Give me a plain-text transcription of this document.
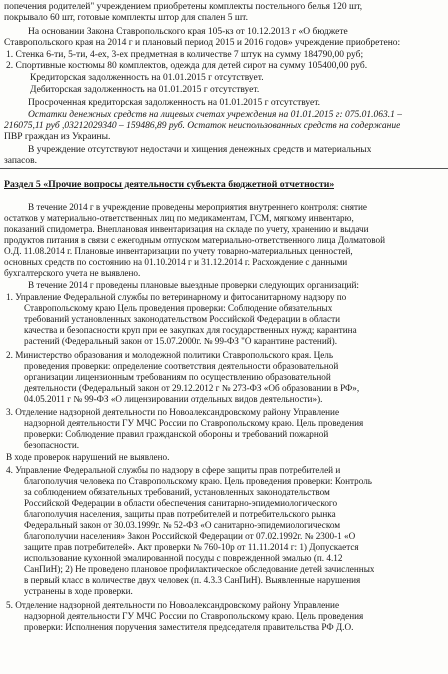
попечения родителей" учреждением приобретены комплекты постельного белья 120 шт,
покрывало 60 шт, готовые комплекты штор для спален 5 шт.
На основании Закона Ставропольского края 105-кз от 10.12.2013 г «О бюджете
Ставропольского края на 2014 г и плановый период 2015 и 2016 годов» учреждение приобретено:
1. Стенка 6-ти, 5-ти, 4-ех, 3-ех предметная в количестве 7 штук на сумму 184790,00 руб;
2. Спортивные костюмы 80 комплектов, одежда для детей сирот на сумму 105400,00 руб.
Кредиторская задолженность на 01.01.2015 г отсутствует.
Дебиторская задолженность на 01.01.2015 г отсутствует.
Просроченная кредиторская задолженность на 01.01.2015 г отсутствует.
Остатки денежных средств на лицевых счетах учреждения на 01.01.2015 г: 075.01.063.1 –
216075,11 руб ,03212029340 – 159486,89 руб. Остаток неиспользованных средств на содержание
ПВР граждан из Украины.
В учреждение отсутствуют недостачи и хищения денежных средств и материальных
запасов.
Раздел 5 «Прочие вопросы деятельности субъекта бюджетной отчетности»
В течение 2014 г в учреждение проведены мероприятия внутреннего контроля: снятие
остатков у материально-ответственных лиц по медикаментам, ГСМ, мягкому инвентарю,
показаний спидометра. Внеплановая инвентаризация на складе по учету, хранению и выдачи
продуктов питания в связи с ежегодным отпуском материально-ответственного лица Долматовой
О.Д. 11.08.2014 г. Плановые инвентаризации по учету товарно-материальных ценностей,
основных средств по состоянию на 01.10.2014 г и 31.12.2014 г. Расхождение с данными
бухгалтерского учета не выявлено.
В течение 2014 г проведены плановые выездные проверки следующих организаций:
1. Управление Федеральной службы по ветеринарному и фитосанитарному надзору по
Ставропольскому краю Цель проведения проверки: Соблюдение обязательных
требований установленных законодательством Российской Федерации в области
качества и безопасности круп при ее закупках для государственных нужд; карантина
растений (Федеральный закон от 15.07.2000г. № 99-ФЗ "О карантине растений).
2. Министерство образования и молодежной политики Ставропольского края. Цель
проведения проверки: определение соответствия деятельности образовательной
организации лицензионным требованиям по осуществлению образовательной
деятельности (Федеральный закон от 29.12.2012 г № 273-ФЗ «Об образовании в РФ»,
04.05.2011 г № 99-ФЗ «О лицензировании отдельных видов деятельности»).
3. Отделение надзорной деятельности по Новоалександровскому району Управление
надзорной деятельности ГУ МЧС России по Ставропольскому краю. Цель проведения
проверки: Соблюдение правил гражданской обороны и требований пожарной
безопасности.
В ходе проверок нарушений не выявлено.
4. Управление Федеральной службы по надзору в сфере защиты прав потребителей и
благополучия человека по Ставропольскому краю. Цель проведения проверки: Контроль
за соблюдением обязательных требований, установленных законодательством
Российской Федерации в области обеспечения санитарно-эпидемиологического
благополучия населения, защиты прав потребителей и потребительского рынка
Федеральный закон от 30.03.1999г. № 52-ФЗ «О санитарно-эпидемиологическом
благополучии населения» Закон Российской Федерации от 07.02.1992г. № 2300-1 «О
защите прав потребителей». Акт проверки № 760-10р от 11.11.2014 г: 1) Допускается
использование кухонной эмалированной посуды с поврежденной эмалью (п. 4.12
СанПиН); 2) Не проведено плановое профилактическое обследование детей зачисленных
в первый класс в количестве двух человек (п. 4.3.3 СанПиН). Выявленные нарушения
устранены в ходе проверки.
5. Отделение надзорной деятельности по Новоалександровскому району Управление
надзорной деятельности ГУ МЧС России по Ставропольскому краю. Цель проведения
проверки: Исполнения поручения заместителя председателя правительства РФ Д.О.
